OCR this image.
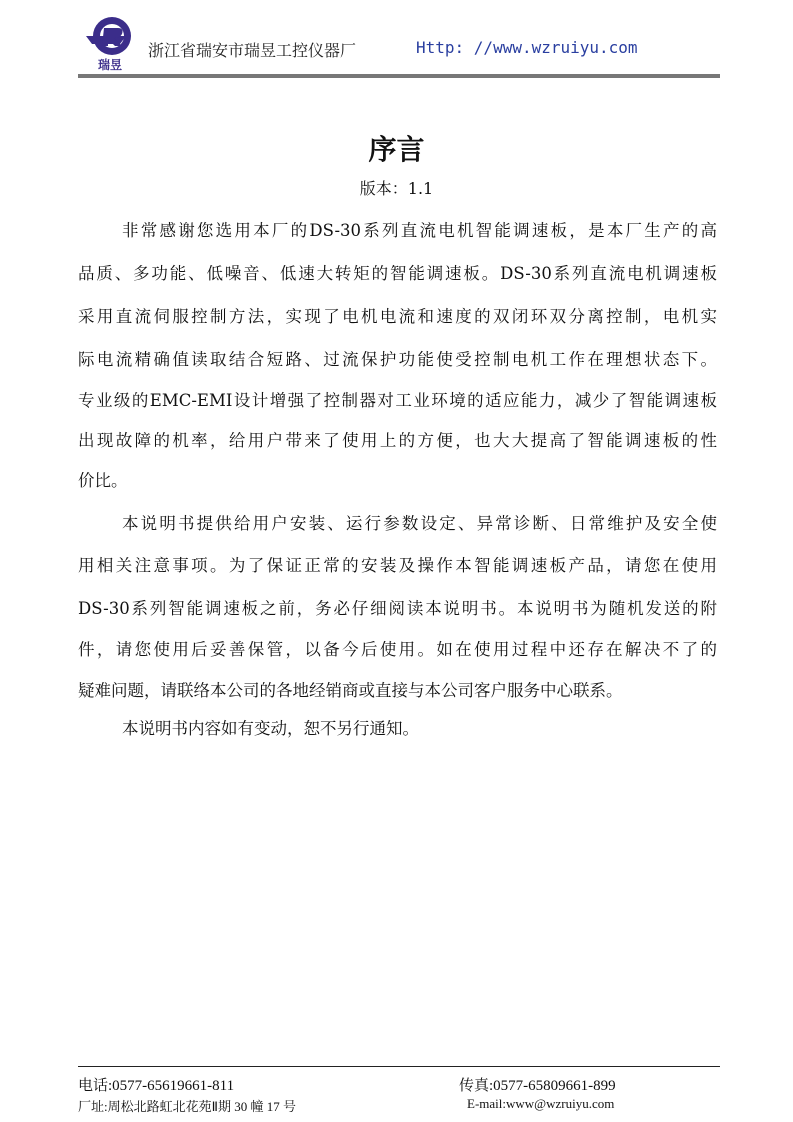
瑞昱
浙江省瑞安市瑞昱工控仪器厂	Http: //www.wzruiyu.com
序言
版本：1.1
非常感谢您选用本厂的DS-30系列直流电机智能调速板，是本厂生产的高
品质、多功能、低噪音、低速大转矩的智能调速板。DS-30系列直流电机调速板
采用直流伺服控制方法，实现了电机电流和速度的双闭环双分离控制，电机实
际电流精确值读取结合短路、过流保护功能使受控制电机工作在理想状态下。
专业级的EMC-EMI设计增强了控制器对工业环境的适应能力，减少了智能调速板
出现故障的机率，给用户带来了使用上的方便，也大大提高了智能调速板的性
价比。
本说明书提供给用户安装、运行参数设定、异常诊断、日常维护及安全使
用相关注意事项。为了保证正常的安装及操作本智能调速板产品，请您在使用
DS-30系列智能调速板之前，务必仔细阅读本说明书。本说明书为随机发送的附
件，请您使用后妥善保管，以备今后使用。如在使用过程中还存在解决不了的
疑难问题，请联络本公司的各地经销商或直接与本公司客户服务中心联系。
本说明书内容如有变动，恕不另行通知。
电话:0577-65619661-811	传真:0577-65809661-899
厂址:周松北路虹北花苑Ⅱ期 30 幢 17 号	E-mail:www@wzruiyu.com
